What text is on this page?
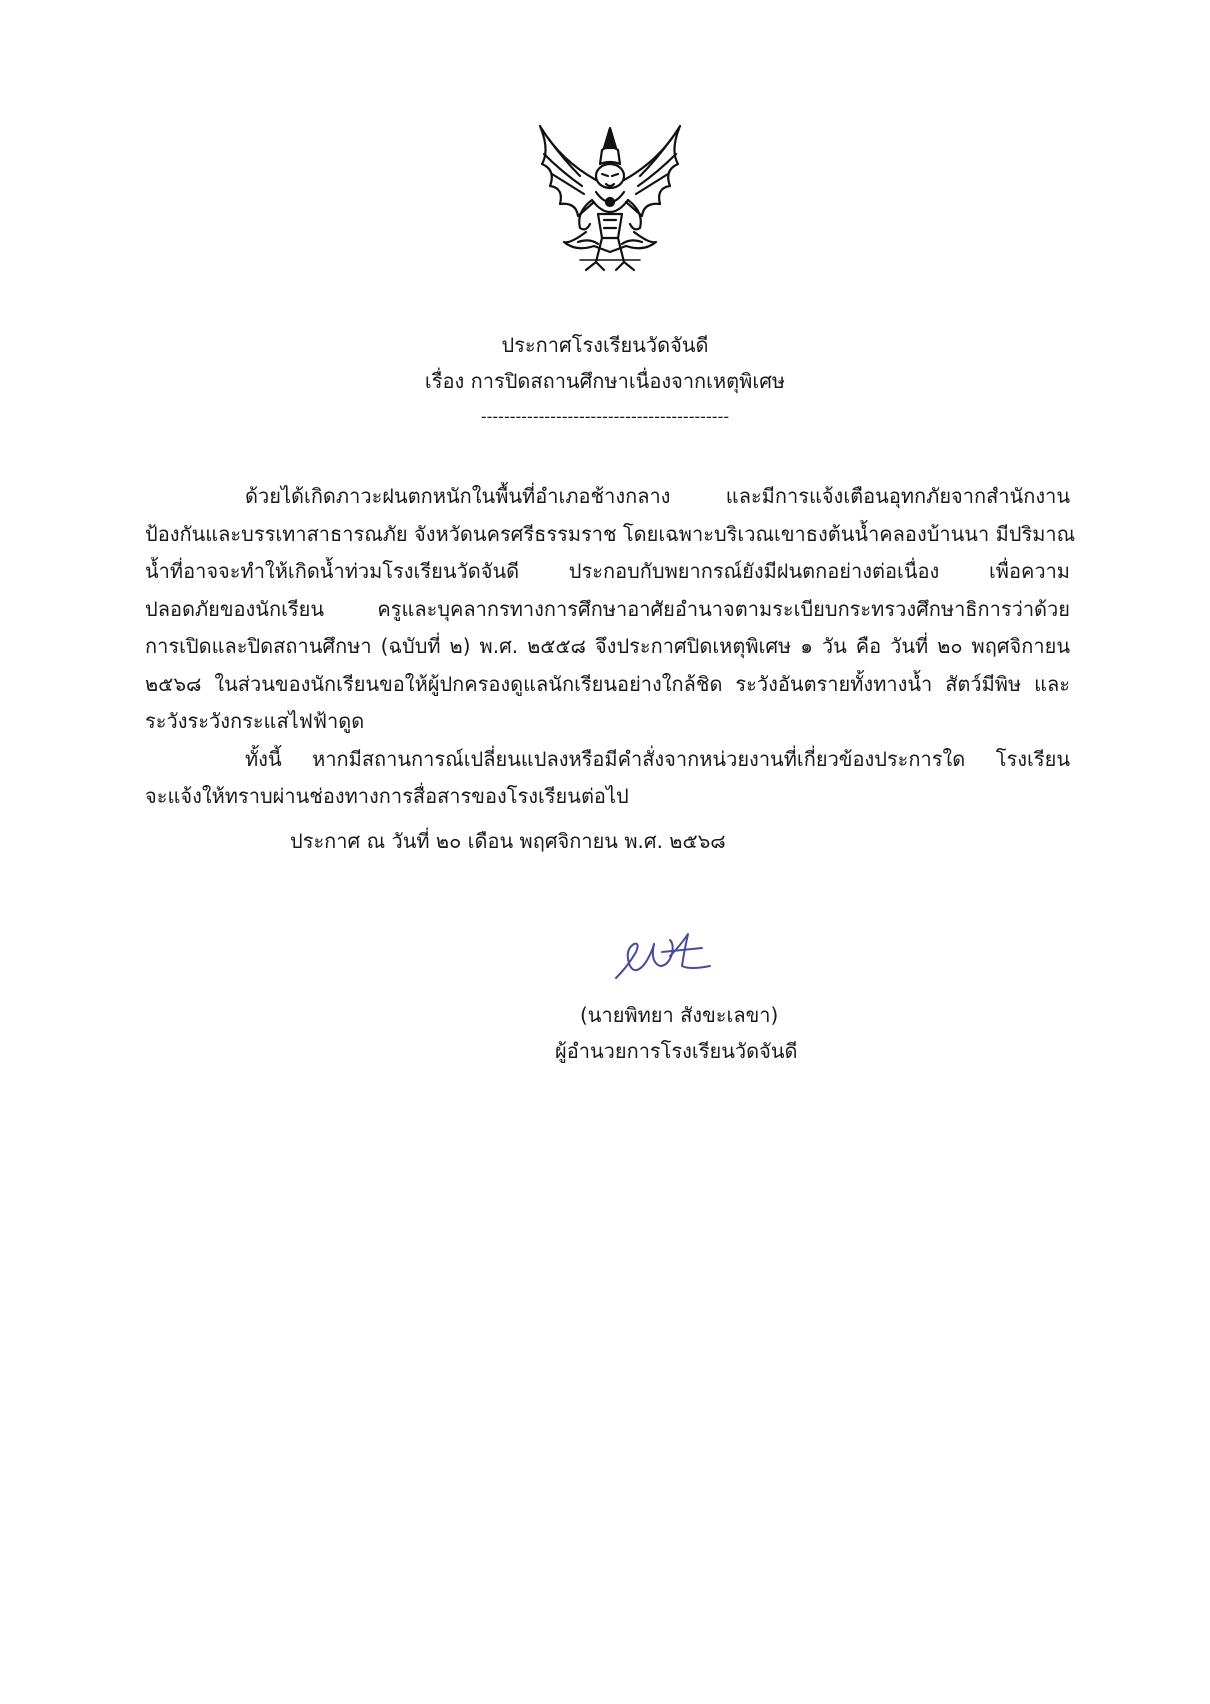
ประกาศโรงเรียนวัดจันดี
เรื่อง การปิดสถานศึกษาเนื่องจากเหตุพิเศษ
-------------------------------------------
ด้วยได้เกิดภาวะฝนตกหนักในพื้นที่อำเภอช้างกลาง และมีการแจ้งเตือนอุทกภัยจากสำนักงาน
ป้องกันและบรรเทาสาธารณภัย จังหวัดนครศรีธรรมราช โดยเฉพาะบริเวณเขาธงต้นน้ำคลองบ้านนา มีปริมาณ
น้ำที่อาจจะทำให้เกิดน้ำท่วมโรงเรียนวัดจันดี ประกอบกับพยากรณ์ยังมีฝนตกอย่างต่อเนื่อง เพื่อความ
ปลอดภัยของนักเรียน ครูและบุคลากรทางการศึกษาอาศัยอำนาจตามระเบียบกระทรวงศึกษาธิการว่าด้วย
การเปิดและปิดสถานศึกษา (ฉบับที่ ๒) พ.ศ. ๒๕๕๘ จึงประกาศปิดเหตุพิเศษ ๑ วัน คือ วันที่ ๒๐ พฤศจิกายน
๒๕๖๘ ในส่วนของนักเรียนขอให้ผู้ปกครองดูแลนักเรียนอย่างใกล้ชิด ระวังอันตรายทั้งทางน้ำ สัตว์มีพิษ และ
ระวังระวังกระแสไฟฟ้าดูด
ทั้งนี้ หากมีสถานการณ์เปลี่ยนแปลงหรือมีคำสั่งจากหน่วยงานที่เกี่ยวข้องประการใด โรงเรียน
จะแจ้งให้ทราบผ่านช่องทางการสื่อสารของโรงเรียนต่อไป
ประกาศ ณ วันที่ ๒๐ เดือน พฤศจิกายน พ.ศ. ๒๕๖๘
(นายพิทยา สังขะเลขา)
ผู้อำนวยการโรงเรียนวัดจันดี
